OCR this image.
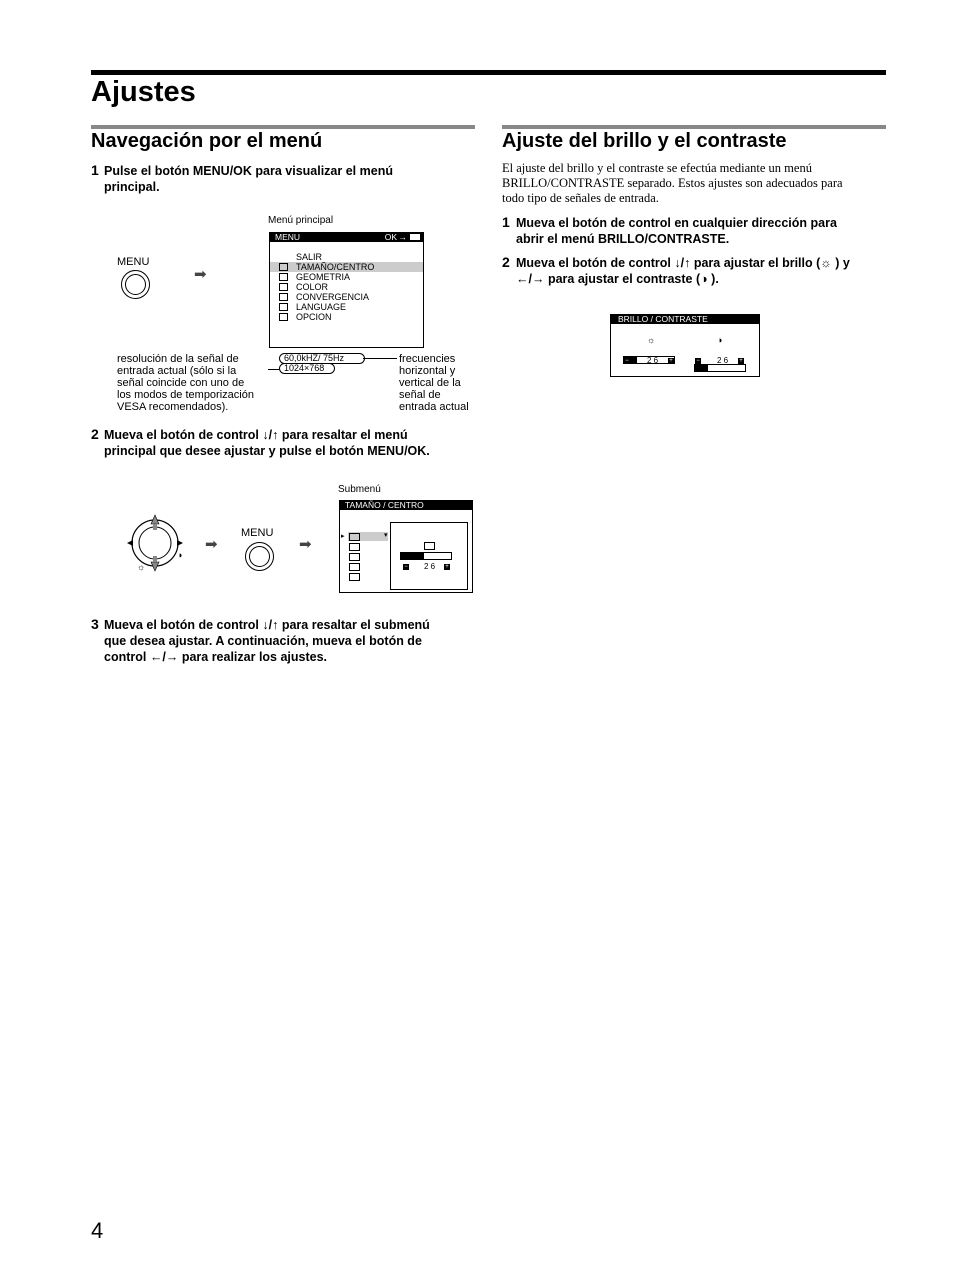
Ajustes
Navegación por el menú
1 Pulse el botón MENU/OK para visualizar el menú principal.
MENU
➡
Menú principal
MENU	OK →
SALIR
TAMAÑO/CENTRO
GEOMETRIA
COLOR
CONVERGENCIA
LANGUAGE
OPCION
60,0kHZ/ 75Hz
1024×768
resolución de la señal de
entrada actual (sólo si la
señal coincide con uno de
los modos de temporización
VESA recomendados).
frecuencies
horizontal y
vertical de la
señal de
entrada actual
2 Mueva el botón de control ↓/↑ para resaltar el menú
principal que desee ajustar y pulse el botón MENU/OK.
☼
◑
➡
MENU
➡
Submenú
TAMAÑO / CENTRO
▸	▾
− 2 6 +
3 Mueva el botón de control ↓/↑ para resaltar el submenú
que desea ajustar. A continuación, mueva el botón de
control ←/→ para realizar los ajustes.
Ajuste del brillo y el contraste
El ajuste del brillo y el contraste se efectúa mediante un menú
BRILLO/CONTRASTE separado. Estos ajustes son adecuados para
todo tipo de señales de entrada.
1 Mueva el botón de control en cualquier dirección para
abrir el menú BRILLO/CONTRASTE.
2 Mueva el botón de control ↓/↑ para ajustar el brillo (☼ ) y
←/→ para ajustar el contraste (◑ ).
BRILLO / CONTRASTE
☼	◑
− 2 6 +	− 2 6 +
4
